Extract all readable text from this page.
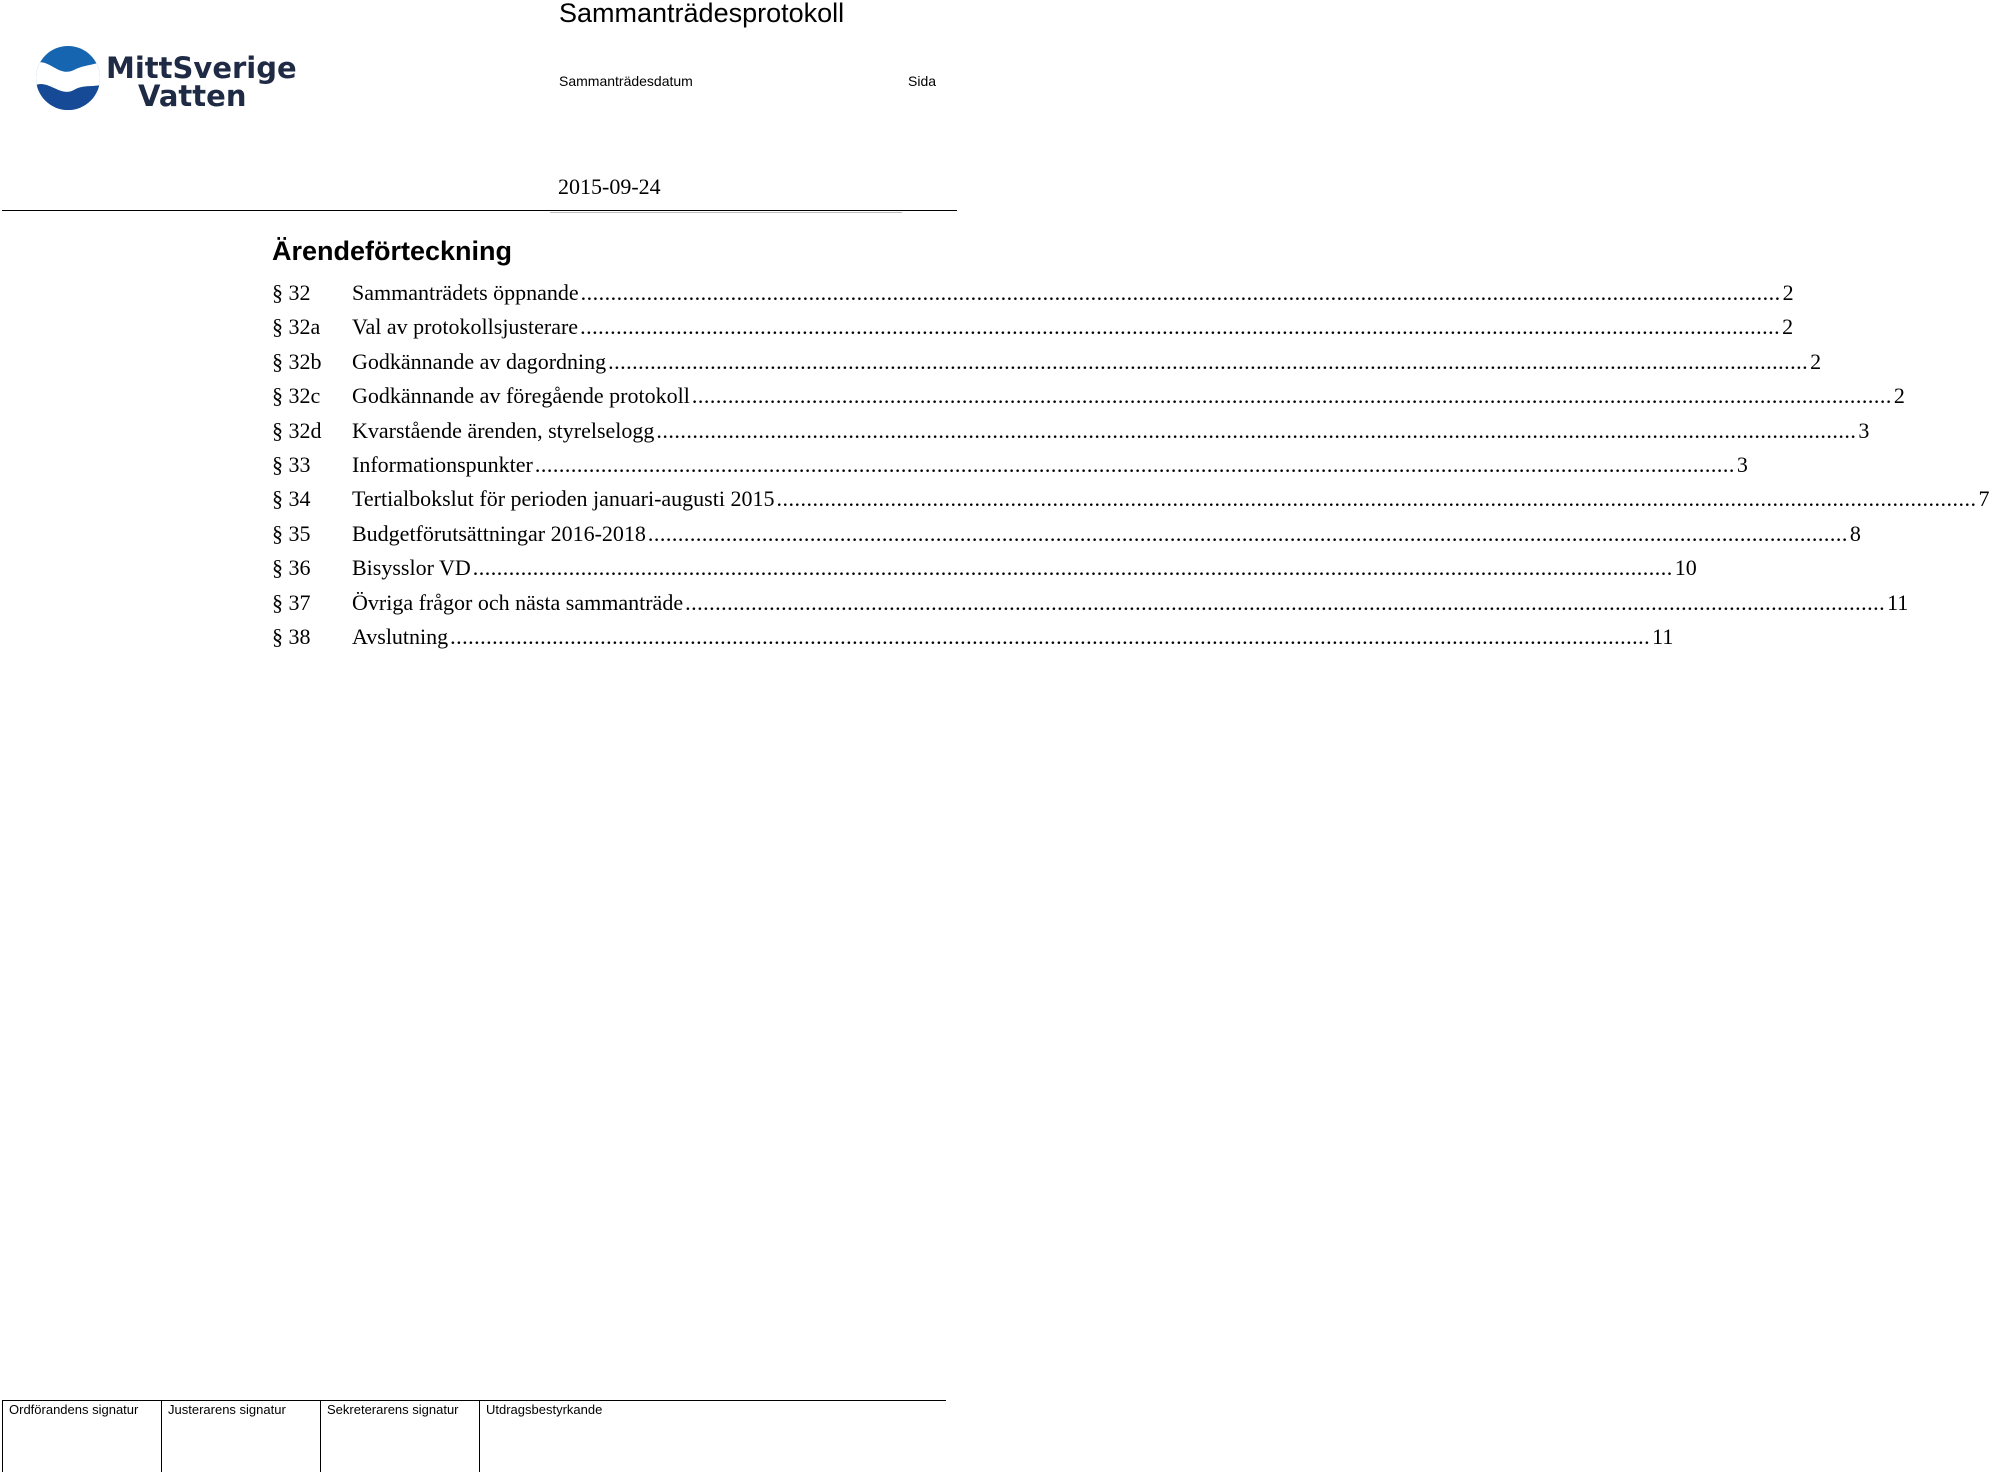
MittSverige
Vatten
Sammanträdesprotokoll
Sammanträdesdatum	Sida
2015-09-24
Ärendeförteckning
§ 32	Sammanträdets öppnande ........................................................................................................................................................................................................ 2
§ 32a	Val av protokollsjusterare ........................................................................................................................................................................................................ 2
§ 32b	Godkännande av dagordning ........................................................................................................................................................................................................ 2
§ 32c	Godkännande av föregående protokoll ........................................................................................................................................................................................................ 2
§ 32d	Kvarstående ärenden, styrelselogg ........................................................................................................................................................................................................ 3
§ 33	Informationspunkter ........................................................................................................................................................................................................ 3
§ 34	Tertialbokslut för perioden januari-augusti 2015 ........................................................................................................................................................................................................ 7
§ 35	Budgetförutsättningar 2016-2018 ........................................................................................................................................................................................................ 8
§ 36	Bisysslor VD ........................................................................................................................................................................................................ 10
§ 37	Övriga frågor och nästa sammanträde ........................................................................................................................................................................................................ 11
§ 38	Avslutning ........................................................................................................................................................................................................ 11
Ordförandens signatur Justerarens signatur	Sekreterarens signatur Utdragsbestyrkande
